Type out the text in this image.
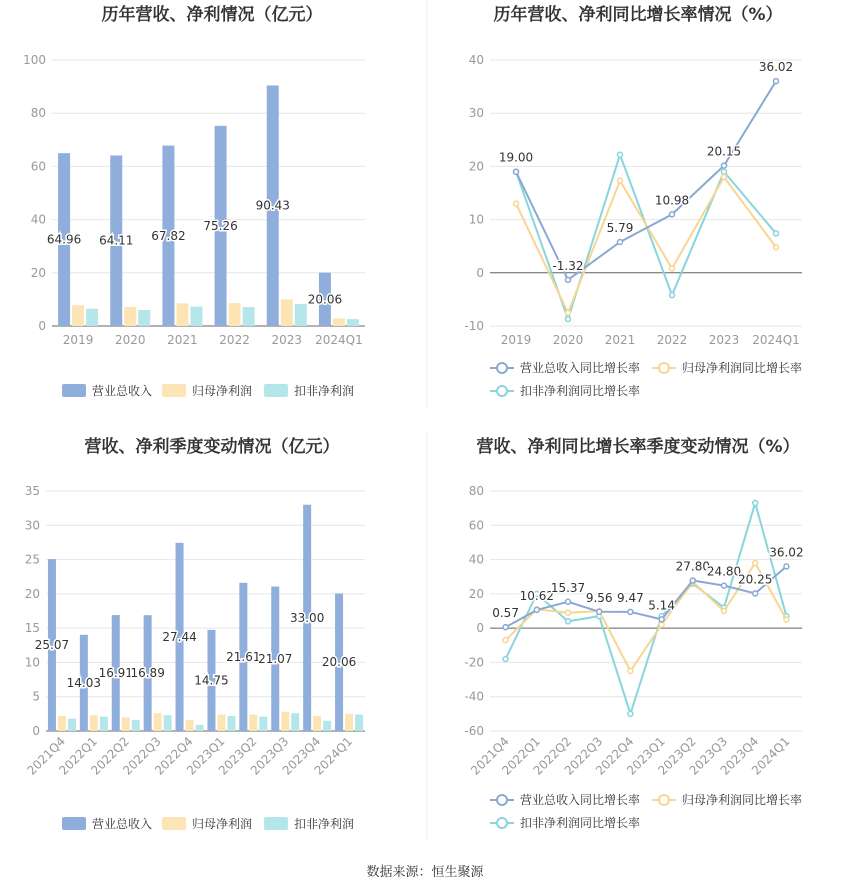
数据来源：恒生聚源
历年营收、净利情况（亿元）
0
20
40
60
80
100
2019 2020 2021 2022 2023 2024Q1
64.96 64.11 67.82
75.26
90.43
20.06
营业总收入	归母净利润	扣非净利润
历年营收、净利同比增长率情况（%）
-10
0
10
20
30
40
2019 2020 2021 2022 2023 2024Q1
19.00
-1.32
5.79
10.98
20.15
36.02
营业总收入同比增长率	归母净利润同比增长率
扣非净利润同比增长率
营收、净利季度变动情况（亿元）
0
5
10
15
20
25
30
35
2021Q4
2022Q1
2022Q2
2022Q3
2022Q4
2023Q1
2023Q2
2023Q3
2023Q4
2024Q1
25.07
14.03
16.91
16.89
27.44
14.75
21.61
21.07
33.00
20.06
营业总收入	归母净利润	扣非净利润
营收、净利同比增长率季度变动情况（%）
-60
-40
-20
0
20
40
60
80
2021Q4
2022Q1
2022Q2
2022Q3
2022Q4
2023Q1
2023Q2
2023Q3
2023Q4
2024Q1
0.57
10.62
15.37
9.56 9.47
5.14
27.80
24.80
20.25
36.02
营业总收入同比增长率	归母净利润同比增长率
扣非净利润同比增长率
